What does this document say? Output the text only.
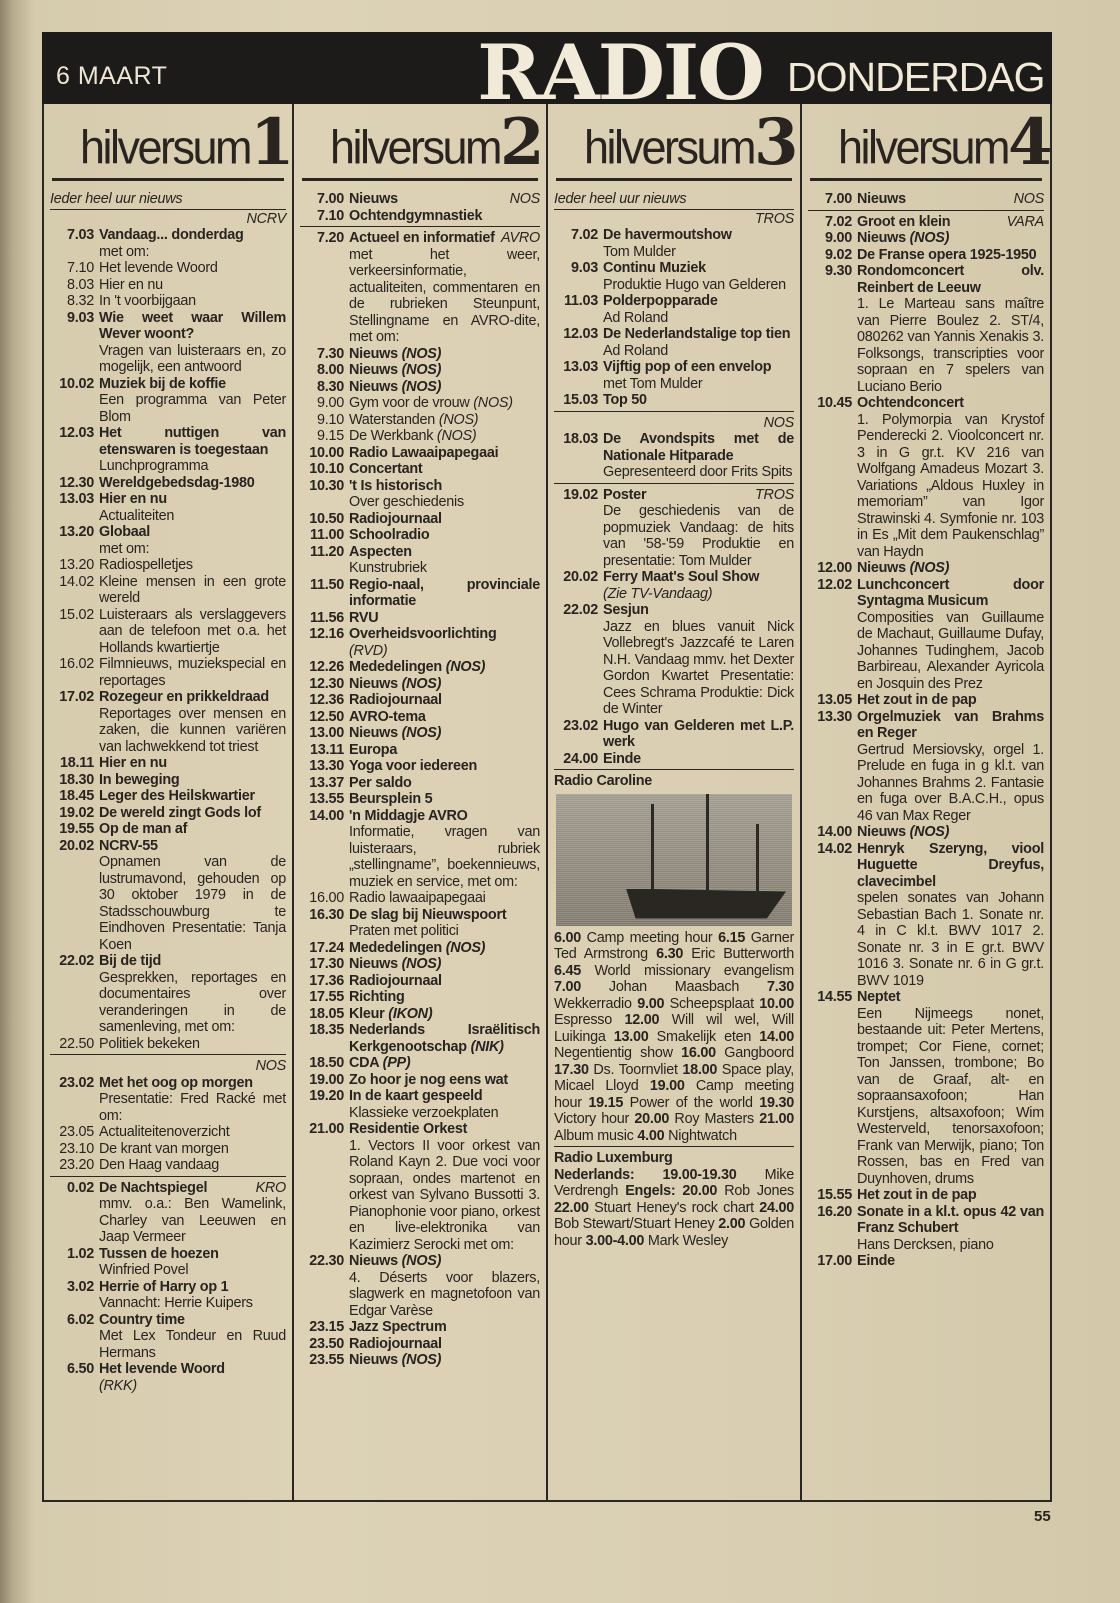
6 MAART	RADIO DONDERDAG
hilversum 1
Ieder heel uur nieuws
NCRV
7.03 Vandaag... donderdag
met om:
7.10 Het levende Woord
8.03 Hier en nu
8.32 In 't voorbijgaan
9.03 Wie weet waar Willem Wever woont?
Vragen van luisteraars en, zo mogelijk, een antwoord
10.02 Muziek bij de koffie
Een programma van Peter Blom
12.03 Het nuttigen van etenswaren is toegestaan
Lunchprogramma
12.30 Wereldgebedsdag-1980
13.03 Hier en nu
Actualiteiten
13.20 Globaal
met om:
13.20 Radiospelletjes
14.02 Kleine mensen in een grote wereld
15.02 Luisteraars als verslaggevers aan de telefoon met o.a. het Hollands kwartiertje
16.02 Filmnieuws, muziekspecial en reportages
17.02 Rozegeur en prikkeldraad
Reportages over mensen en zaken, die kunnen variëren van lachwekkend tot triest
18.11 Hier en nu
18.30 In beweging
18.45 Leger des Heilskwartier
19.02 De wereld zingt Gods lof
19.55 Op de man af
20.02 NCRV-55
Opnamen van de lustrumavond, gehouden op 30 oktober 1979 in de Stadsschouwburg te Eindhoven Presentatie: Tanja Koen
22.02 Bij de tijd
Gesprekken, reportages en documentaires over veranderingen in de samenleving, met om:
22.50 Politiek bekeken
NOS
23.02 Met het oog op morgen
Presentatie: Fred Racké met om:
23.05 Actualiteitenoverzicht
23.10 De krant van morgen
23.20 Den Haag vandaag
0.02	KRO
De Nachtspiegel
mmv. o.a.: Ben Wamelink, Charley van Leeuwen en Jaap Vermeer
1.02 Tussen de hoezen
Winfried Povel
3.02 Herrie of Harry op 1
Vannacht: Herrie Kuipers
6.02 Country time
Met Lex Tondeur en Ruud Hermans
6.50 Het levende Woord
(RKK)
hilversum 2
7.00	NOS
Nieuws
7.10 Ochtendgymnastiek
7.20	AVRO
Actueel en informatief
met het weer, verkeersinformatie, actualiteiten, commentaren en de rubrieken Steunpunt, Stellingname en AVRO-dite, met om:
7.30 Nieuws (NOS)
8.00 Nieuws (NOS)
8.30 Nieuws (NOS)
9.00 Gym voor de vrouw (NOS)
9.10 Waterstanden (NOS)
9.15 De Werkbank (NOS)
10.00 Radio Lawaaipapegaai
10.10 Concertant
10.30 't Is historisch
Over geschiedenis
10.50 Radiojournaal
11.00 Schoolradio
11.20 Aspecten
Kunstrubriek
11.50 Regio-naal, provinciale informatie
11.56 RVU
12.16 Overheidsvoorlichting
(RVD)
12.26 Mededelingen (NOS)
12.30 Nieuws (NOS)
12.36 Radiojournaal
12.50 AVRO-tema
13.00 Nieuws (NOS)
13.11 Europa
13.30 Yoga voor iedereen
13.37 Per saldo
13.55 Beursplein 5
14.00 'n Middagje AVRO
Informatie, vragen van luisteraars, rubriek „stellingname”, boekennieuws, muziek en service, met om:
16.00 Radio lawaaipapegaai
16.30 De slag bij Nieuwspoort
Praten met politici
17.24 Mededelingen (NOS)
17.30 Nieuws (NOS)
17.36 Radiojournaal
17.55 Richting
18.05 Kleur (IKON)
18.35 Nederlands Israëlitisch Kerkgenootschap (NIK)
18.50 CDA (PP)
19.00 Zo hoor je nog eens wat
19.20 In de kaart gespeeld
Klassieke verzoekplaten
21.00 Residentie Orkest
1. Vectors II voor orkest van Roland Kayn 2. Due voci voor sopraan, ondes martenot en orkest van Sylvano Bussotti 3. Pianophonie voor piano, orkest en live-elektronika van Kazimierz Serocki met om:
22.30 Nieuws (NOS)
4. Déserts voor blazers, slagwerk en magnetofoon van Edgar Varèse
23.15 Jazz Spectrum
23.50 Radiojournaal
23.55 Nieuws (NOS)
hilversum 3
Ieder heel uur nieuws
TROS
7.02 De havermoutshow
Tom Mulder
9.03 Continu Muziek
Produktie Hugo van Gelderen
11.03 Polderpopparade
Ad Roland
12.03 De Nederlandstalige top tien
Ad Roland
13.03 Vijftig pop of een envelop
met Tom Mulder
15.03 Top 50
NOS
18.03 De Avondspits met de Nationale Hitparade
Gepresenteerd door Frits Spits
19.02	TROS
Poster
De geschiedenis van de popmuziek Vandaag: de hits van '58-'59 Produktie en presentatie: Tom Mulder
20.02 Ferry Maat's Soul Show
(Zie TV-Vandaag)
22.02 Sesjun
Jazz en blues vanuit Nick Vollebregt's Jazzcafé te Laren N.H. Vandaag mmv. het Dexter Gordon Kwartet Presentatie: Cees Schrama Produktie: Dick de Winter
23.02 Hugo van Gelderen met L.P. werk
24.00 Einde
Radio Caroline
6.00 Camp meeting hour 6.15 Garner Ted Armstrong 6.30 Eric Butterworth 6.45 World missionary evangelism 7.00 Johan Maasbach 7.30 Wekkerradio 9.00 Scheepsplaat 10.00 Espresso 12.00 Will wil wel, Will Luikinga 13.00 Smakelijk eten 14.00 Negentientig show 16.00 Gangboord 17.30 Ds. Toornvliet 18.00 Space play, Micael Lloyd 19.00 Camp meeting hour 19.15 Power of the world 19.30 Victory hour 20.00 Roy Masters 21.00 Album music 4.00 Nightwatch
Radio Luxemburg
Nederlands: 19.00-19.30 Mike Verdrengh Engels: 20.00 Rob Jones 22.00 Stuart Heney's rock chart 24.00 Bob Stewart/Stuart Heney 2.00 Golden hour 3.00-4.00 Mark Wesley
hilversum 4
7.00	NOS
Nieuws
7.02	VARA
Groot en klein
9.00 Nieuws (NOS)
9.02 De Franse opera 1925-1950
9.30 Rondomconcert olv. Reinbert de Leeuw
1. Le Marteau sans maître van Pierre Boulez 2. ST/4, 080262 van Yannis Xenakis 3. Folksongs, transcripties voor sopraan en 7 spelers van Luciano Berio
10.45 Ochtendconcert
1. Polymorpia van Krystof Penderecki 2. Vioolconcert nr. 3 in G gr.t. KV 216 van Wolfgang Amadeus Mozart 3. Variations „Aldous Huxley in memoriam” van Igor Strawinski 4. Symfonie nr. 103 in Es „Mit dem Paukenschlag” van Haydn
12.00 Nieuws (NOS)
12.02 Lunchconcert door Syntagma Musicum
Composities van Guillaume de Machaut, Guillaume Dufay, Johannes Tudinghem, Jacob Barbireau, Alexander Ayricola en Josquin des Prez
13.05 Het zout in de pap
13.30 Orgelmuziek van Brahms en Reger
Gertrud Mersiovsky, orgel 1. Prelude en fuga in g kl.t. van Johannes Brahms 2. Fantasie en fuga over B.A.C.H., opus 46 van Max Reger
14.00 Nieuws (NOS)
14.02 Henryk Szeryng, viool Huguette Dreyfus, clavecimbel
spelen sonates van Johann Sebastian Bach 1. Sonate nr. 4 in C kl.t. BWV 1017 2. Sonate nr. 3 in E gr.t. BWV 1016 3. Sonate nr. 6 in G gr.t. BWV 1019
14.55 Neptet
Een Nijmeegs nonet, bestaande uit: Peter Mertens, trompet; Cor Fiene, cornet; Ton Janssen, trombone; Bo van de Graaf, alt- en sopraansaxofoon; Han Kurstjens, altsaxofoon; Wim Westerveld, tenorsaxofoon; Frank van Merwijk, piano; Ton Rossen, bas en Fred van Duynhoven, drums
15.55 Het zout in de pap
16.20 Sonate in a kl.t. opus 42 van Franz Schubert
Hans Dercksen, piano
17.00 Einde
55
